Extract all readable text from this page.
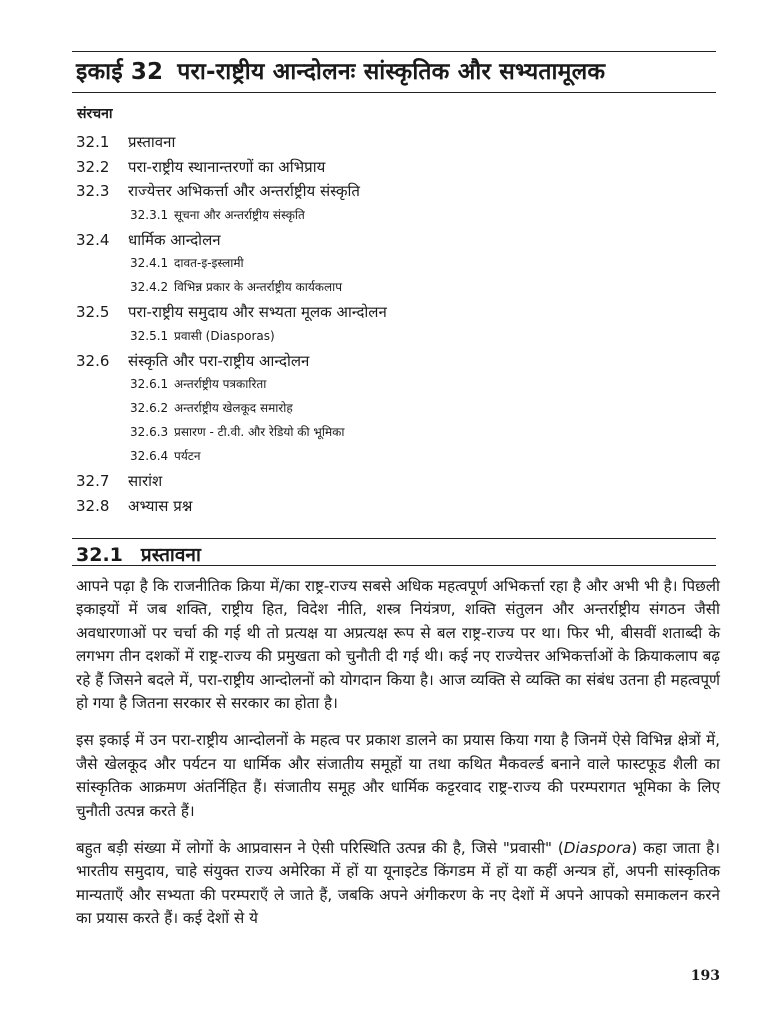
इकाई 32 परा-राष्ट्रीय आन्दोलनः सांस्कृतिक और सभ्यतामूलक
संरचना
32.1	प्रस्तावना
32.2	परा-राष्ट्रीय स्थानान्तरणों का अभिप्राय
32.3	राज्येत्तर अभिकर्त्ता और अन्तर्राष्ट्रीय संस्कृति
32.3.1 सूचना और अन्तर्राष्ट्रीय संस्कृति
32.4	धार्मिक आन्दोलन
32.4.1 दावत-इ-इस्लामी
32.4.2 विभिन्न प्रकार के अन्तर्राष्ट्रीय कार्यकलाप
32.5	परा-राष्ट्रीय समुदाय और सभ्यता मूलक आन्दोलन
32.5.1 प्रवासी (Diasporas)
32.6	संस्कृति और परा-राष्ट्रीय आन्दोलन
32.6.1 अन्तर्राष्ट्रीय पत्रकारिता
32.6.2 अन्तर्राष्ट्रीय खेलकूद समारोह
32.6.3 प्रसारण - टी.वी. और रेडियो की भूमिका
32.6.4 पर्यटन
32.7	सारांश
32.8	अभ्यास प्रश्न
32.1 प्रस्तावना

आपने पढ़ा है कि राजनीतिक क्रिया में/का राष्ट्र-राज्य सबसे अधिक महत्वपूर्ण अभिकर्त्ता रहा है और अभी भी है। पिछली इकाइयों में जब शक्ति, राष्ट्रीय हित, विदेश नीति, शस्त्र नियंत्रण, शक्ति संतुलन और अन्तर्राष्ट्रीय संगठन जैसी अवधारणाओं पर चर्चा की गई थी तो प्रत्यक्ष या अप्रत्यक्ष रूप से बल राष्ट्र-राज्य पर था। फिर भी, बीसवीं शताब्दी के लगभग तीन दशकों में राष्ट्र-राज्य की प्रमुखता को चुनौती दी गई थी। कई नए राज्येत्तर अभिकर्त्ताओं के क्रियाकलाप बढ़ रहे हैं जिसने बदले में, परा-राष्ट्रीय आन्दोलनों को योगदान किया है। आज व्यक्ति से व्यक्ति का संबंध उतना ही महत्वपूर्ण हो गया है जितना सरकार से सरकार का होता है।

इस इकाई में उन परा-राष्ट्रीय आन्दोलनों के महत्व पर प्रकाश डालने का प्रयास किया गया है जिनमें ऐसे विभिन्न क्षेत्रों में, जैसे खेलकूद और पर्यटन या धार्मिक और संजातीय समूहों या तथा कथित मैकवर्ल्ड बनाने वाले फास्टफूड शैली का सांस्कृतिक आक्रमण अंतर्निहित हैं। संजातीय समूह और धार्मिक कट्टरवाद राष्ट्र-राज्य की परम्परागत भूमिका के लिए चुनौती उत्पन्न करते हैं।

बहुत बड़ी संख्या में लोगों के आप्रवासन ने ऐसी परिस्थिति उत्पन्न की है, जिसे "प्रवासी" (Diaspora) कहा जाता है। भारतीय समुदाय, चाहे संयुक्त राज्य अमेरिका में हों या यूनाइटेड किंगडम में हों या कहीं अन्यत्र हों, अपनी सांस्कृतिक मान्यताएँ और सभ्यता की परम्पराएँ ले जाते हैं, जबकि अपने अंगीकरण के नए देशों में अपने आपको समाकलन करने का प्रयास करते हैं। कई देशों से ये

193
